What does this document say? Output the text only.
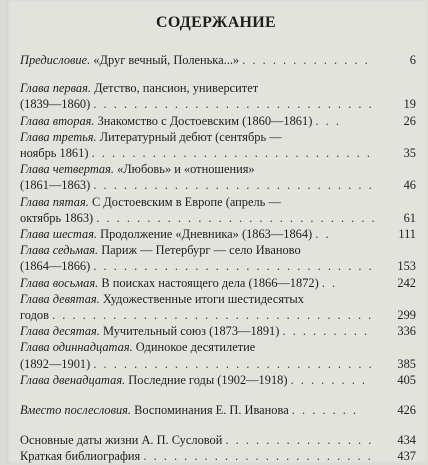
СОДЕРЖАНИЕ
Предисловие. «Друг вечный, Поленька...» . . . . . . . . . . . . .	6
Глава первая. Детство, пансион, университет
(1839—1860) . . . . . . . . . . . . . . . . . . . . . . . . . . . .	19
Глава вторая. Знакомство с Достоевским (1860—1861) . . .	26
Глава третья. Литературный дебют (сентябрь —
ноябрь 1861) . . . . . . . . . . . . . . . . . . . . . . . . . . . .	35
Глава четвертая. «Любовь» и «отношения»
(1861—1863) . . . . . . . . . . . . . . . . . . . . . . . . . . . .	46
Глава пятая. С Достоевским в Европе (апрель —
октябрь 1863) . . . . . . . . . . . . . . . . . . . . . . . . . . . .	61
Глава шестая. Продолжение «Дневника» (1863—1864) . .	111
Глава седьмая. Париж — Петербург — село Иваново
(1864—1866) . . . . . . . . . . . . . . . . . . . . . . . . . . . .	153
Глава восьмая. В поисках настоящего дела (1866—1872) . .	242
Глава девятая. Художественные итоги шестидесятых
годов . . . . . . . . . . . . . . . . . . . . . . . . . . . . . . . .	299
Глава десятая. Мучительный союз (1873—1891) . . . . . . . . .	336
Глава одиннадцатая. Одинокое десятилетие
(1892—1901) . . . . . . . . . . . . . . . . . . . . . . . . . . . .	385
Глава двенадцатая. Последние годы (1902—1918) . . . . . . . .	405
Вместо послесловия. Воспоминания Е. П. Иванова . . . . . . .	426
Основные даты жизни А. П. Сусловой . . . . . . . . . . . . . . .	434
Краткая библиография . . . . . . . . . . . . . . . . . . . . . . .	437
